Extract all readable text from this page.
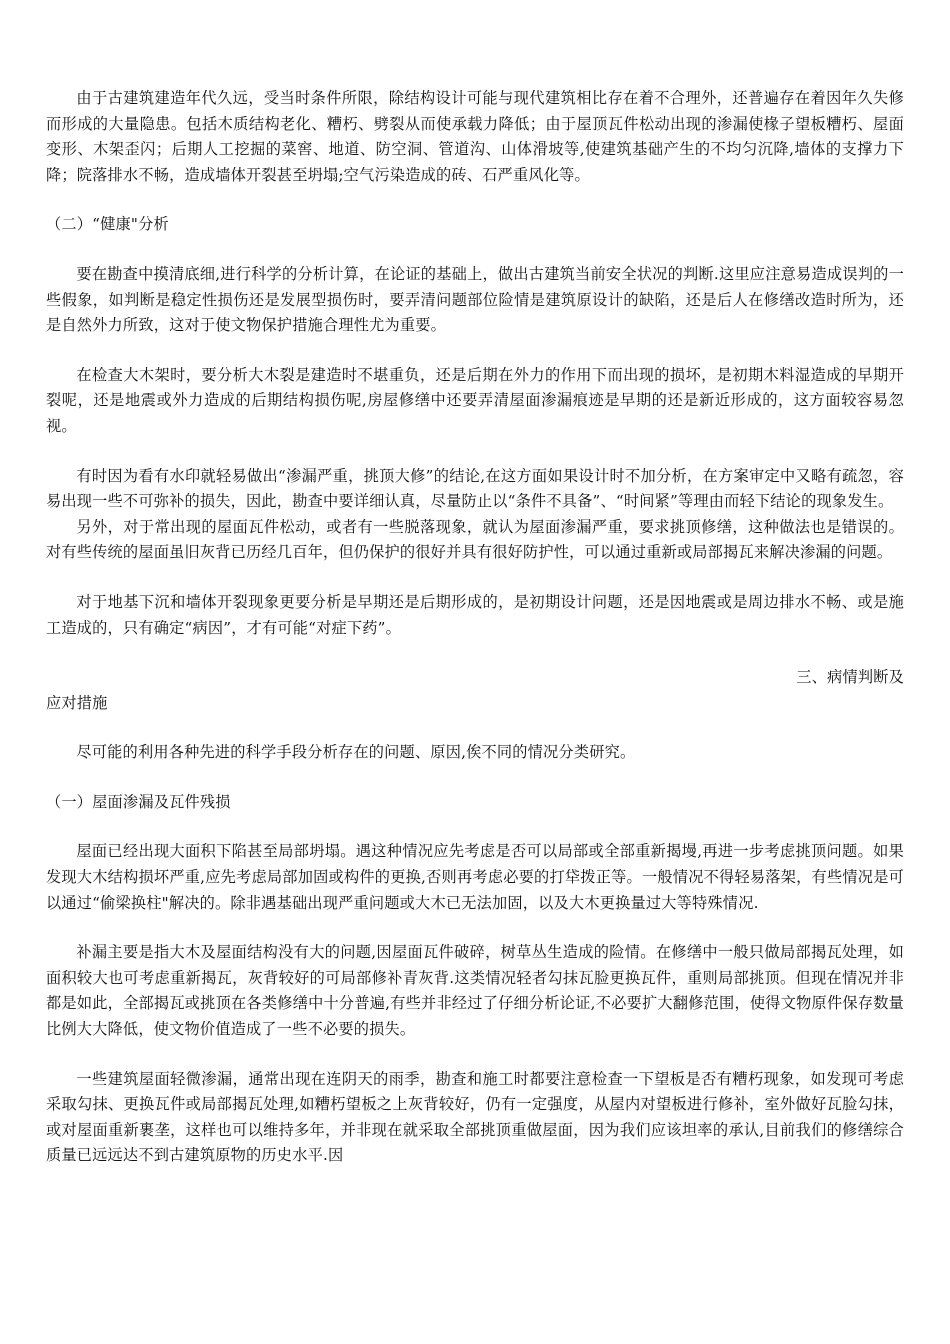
由于古建筑建造年代久远，受当时条件所限，除结构设计可能与现代建筑相比存在着不合理外，还普遍存在着因年久失修而形成的大量隐患。包括木质结构老化、糟朽、劈裂从而使承载力降低；由于屋顶瓦件松动出现的渗漏使椽子望板糟朽、屋面变形、木架歪闪；后期人工挖掘的菜窖、地道、防空洞、管道沟、山体滑坡等,使建筑基础产生的不均匀沉降,墙体的支撑力下降；院落排水不畅，造成墙体开裂甚至坍塌;空气污染造成的砖、石严重风化等。

（二）“健康"分析

要在勘查中摸清底细,进行科学的分析计算，在论证的基础上，做出古建筑当前安全状况的判断.这里应注意易造成误判的一些假象，如判断是稳定性损伤还是发展型损伤时，要弄清问题部位险情是建筑原设计的缺陷，还是后人在修缮改造时所为，还是自然外力所致，这对于使文物保护措施合理性尤为重要。

在检查大木架时，要分析大木裂是建造时不堪重负，还是后期在外力的作用下而出现的损坏，是初期木料湿造成的早期开裂呢，还是地震或外力造成的后期结构损伤呢,房屋修缮中还要弄清屋面渗漏痕迹是早期的还是新近形成的，这方面较容易忽视。

有时因为看有水印就轻易做出“渗漏严重，挑顶大修”的结论,在这方面如果设计时不加分析，在方案审定中又略有疏忽，容易出现一些不可弥补的损失，因此，勘查中要详细认真，尽量防止以“条件不具备”、“时间紧”等理由而轻下结论的现象发生。

另外，对于常出现的屋面瓦件松动，或者有一些脱落现象，就认为屋面渗漏严重，要求挑顶修缮，这种做法也是错误的。对有些传统的屋面虽旧灰背已历经几百年，但仍保护的很好并具有很好防护性，可以通过重新或局部揭瓦来解决渗漏的问题。

对于地基下沉和墙体开裂现象更要分析是早期还是后期形成的，是初期设计问题，还是因地震或是周边排水不畅、或是施工造成的，只有确定“病因”，才有可能“对症下药”。

三、病情判断及

应对措施

尽可能的利用各种先进的科学手段分析存在的问题、原因,俟不同的情况分类研究。

（一）屋面渗漏及瓦件残损

屋面已经出现大面积下陷甚至局部坍塌。遇这种情况应先考虑是否可以局部或全部重新揭墁,再进一步考虑挑顶问题。如果发现大木结构损坏严重,应先考虑局部加固或构件的更换,否则再考虑必要的打牮拨正等。一般情况不得轻易落架，有些情况是可以通过“偷梁换柱"解决的。除非遇基础出现严重问题或大木已无法加固，以及大木更换量过大等特殊情况.

补漏主要是指大木及屋面结构没有大的问题,因屋面瓦件破碎，树草丛生造成的险情。在修缮中一般只做局部揭瓦处理，如面积较大也可考虑重新揭瓦，灰背较好的可局部修补青灰背.这类情况轻者勾抹瓦脸更换瓦件，重则局部挑顶。但现在情况并非都是如此，全部揭瓦或挑顶在各类修缮中十分普遍,有些并非经过了仔细分析论证,不必要扩大翻修范围，使得文物原件保存数量比例大大降低，使文物价值造成了一些不必要的损失。

一些建筑屋面轻微渗漏，通常出现在连阴天的雨季，勘查和施工时都要注意检查一下望板是否有糟朽现象，如发现可考虑采取勾抹、更换瓦件或局部揭瓦处理,如糟朽望板之上灰背较好，仍有一定强度，从屋内对望板进行修补，室外做好瓦脸勾抹，或对屋面重新裹垄，这样也可以维持多年，并非现在就采取全部挑顶重做屋面，因为我们应该坦率的承认,目前我们的修缮综合质量已远远达不到古建筑原物的历史水平.因
